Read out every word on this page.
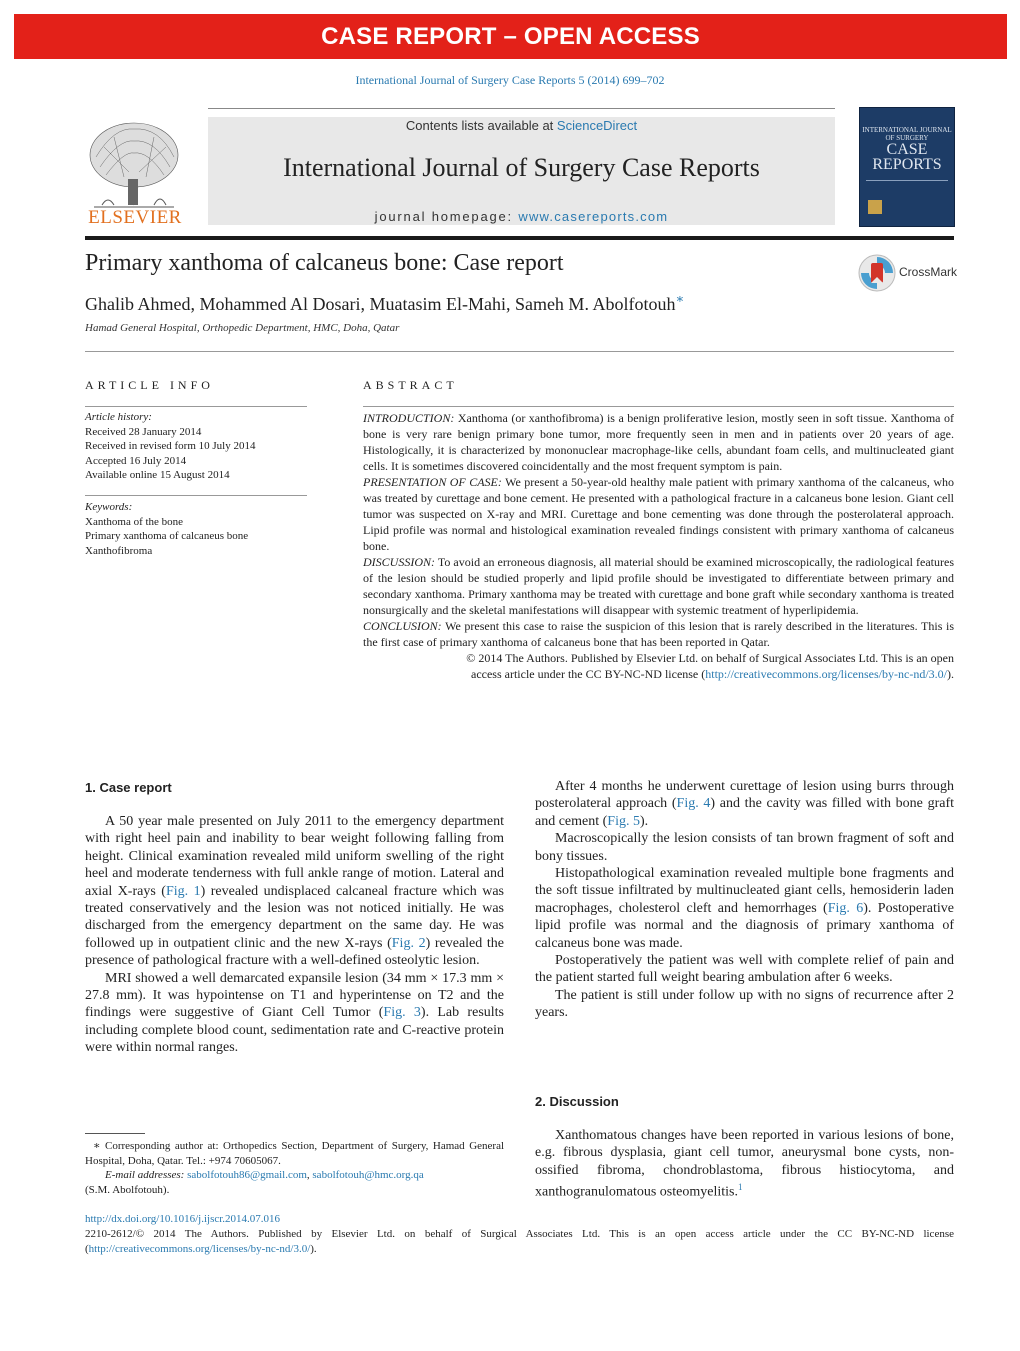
CASE REPORT – OPEN ACCESS
International Journal of Surgery Case Reports 5 (2014) 699–702
ELSEVIER
Contents lists available at ScienceDirect
International Journal of Surgery Case Reports
journal homepage: www.casereports.com
INTERNATIONAL JOURNAL OF SURGERY
CASE REPORTS
Primary xanthoma of calcaneus bone: Case report	CrossMark
Ghalib Ahmed, Mohammed Al Dosari, Muatasim El-Mahi, Sameh M. Abolfotouh∗
Hamad General Hospital, Orthopedic Department, HMC, Doha, Qatar
ARTICLE INFO
Article history:
Received 28 January 2014
Received in revised form 10 July 2014
Accepted 16 July 2014
Available online 15 August 2014
Keywords:
Xanthoma of the bone
Primary xanthoma of calcaneus bone
Xanthofibroma
ABSTRACT

INTRODUCTION: Xanthoma (or xanthofibroma) is a benign proliferative lesion, mostly seen in soft tissue. Xanthoma of bone is very rare benign primary bone tumor, more frequently seen in men and in patients over 20 years of age. Histologically, it is characterized by mononuclear macrophage-like cells, abundant foam cells, and multinucleated giant cells. It is sometimes discovered coincidentally and the most frequent symptom is pain.

PRESENTATION OF CASE: We present a 50-year-old healthy male patient with primary xanthoma of the calcaneus, who was treated by curettage and bone cement. He presented with a pathological fracture in a calcaneus bone lesion. Giant cell tumor was suspected on X-ray and MRI. Curettage and bone cementing was done through the posterolateral approach. Lipid profile was normal and histological examination revealed findings consistent with primary xanthoma of calcaneus bone.

DISCUSSION: To avoid an erroneous diagnosis, all material should be examined microscopically, the radiological features of the lesion should be studied properly and lipid profile should be investigated to differentiate between primary and secondary xanthoma. Primary xanthoma may be treated with curettage and bone graft while secondary xanthoma is treated nonsurgically and the skeletal manifestations will disappear with systemic treatment of hyperlipidemia.

CONCLUSION: We present this case to raise the suspicion of this lesion that is rarely described in the literatures. This is the first case of primary xanthoma of calcaneus bone that has been reported in Qatar.

© 2014 The Authors. Published by Elsevier Ltd. on behalf of Surgical Associates Ltd. This is an open

access article under the CC BY-NC-ND license (http://creativecommons.org/licenses/by-nc-nd/3.0/).

1. Case report

A 50 year male presented on July 2011 to the emergency department with right heel pain and inability to bear weight following falling from height. Clinical examination revealed mild uniform swelling of the right heel and moderate tenderness with full ankle range of motion. Lateral and axial X-rays (Fig. 1) revealed undisplaced calcaneal fracture which was treated conservatively and the lesion was not noticed initially. He was discharged from the emergency department on the same day. He was followed up in outpatient clinic and the new X-rays (Fig. 2) revealed the presence of pathological fracture with a well-defined osteolytic lesion.

MRI showed a well demarcated expansile lesion (34 mm × 17.3 mm × 27.8 mm). It was hypointense on T1 and hyperintense on T2 and the findings were suggestive of Giant Cell Tumor (Fig. 3). Lab results including complete blood count, sedimentation rate and C-reactive protein were within normal ranges.

∗ Corresponding author at: Orthopedics Section, Department of Surgery, Hamad General Hospital, Doha, Qatar. Tel.: +974 70605067.
E-mail addresses: sabolfotouh86@gmail.com, sabolfotouh@hmc.org.qa
(S.M. Abolfotouh).

After 4 months he underwent curettage of lesion using burrs through posterolateral approach (Fig. 4) and the cavity was filled with bone graft and cement (Fig. 5).

Macroscopically the lesion consists of tan brown fragment of soft and bony tissues.

Histopathological examination revealed multiple bone fragments and the soft tissue infiltrated by multinucleated giant cells, hemosiderin laden macrophages, cholesterol cleft and hemorrhages (Fig. 6). Postoperative lipid profile was normal and the diagnosis of primary xanthoma of calcaneus bone was made.

Postoperatively the patient was well with complete relief of pain and the patient started full weight bearing ambulation after 6 weeks.

The patient is still under follow up with no signs of recurrence after 2 years.

2. Discussion

Xanthomatous changes have been reported in various lesions of bone, e.g. fibrous dysplasia, giant cell tumor, aneurysmal bone cysts, non-ossified fibroma, chondroblastoma, fibrous histiocytoma, and xanthogranulomatous osteomyelitis.$^1$

http://dx.doi.org/10.1016/j.ijscr.2014.07.016
2210-2612/© 2014 The Authors. Published by Elsevier Ltd. on behalf of Surgical Associates Ltd. This is an open access article under the CC BY-NC-ND license (http://creativecommons.org/licenses/by-nc-nd/3.0/).
